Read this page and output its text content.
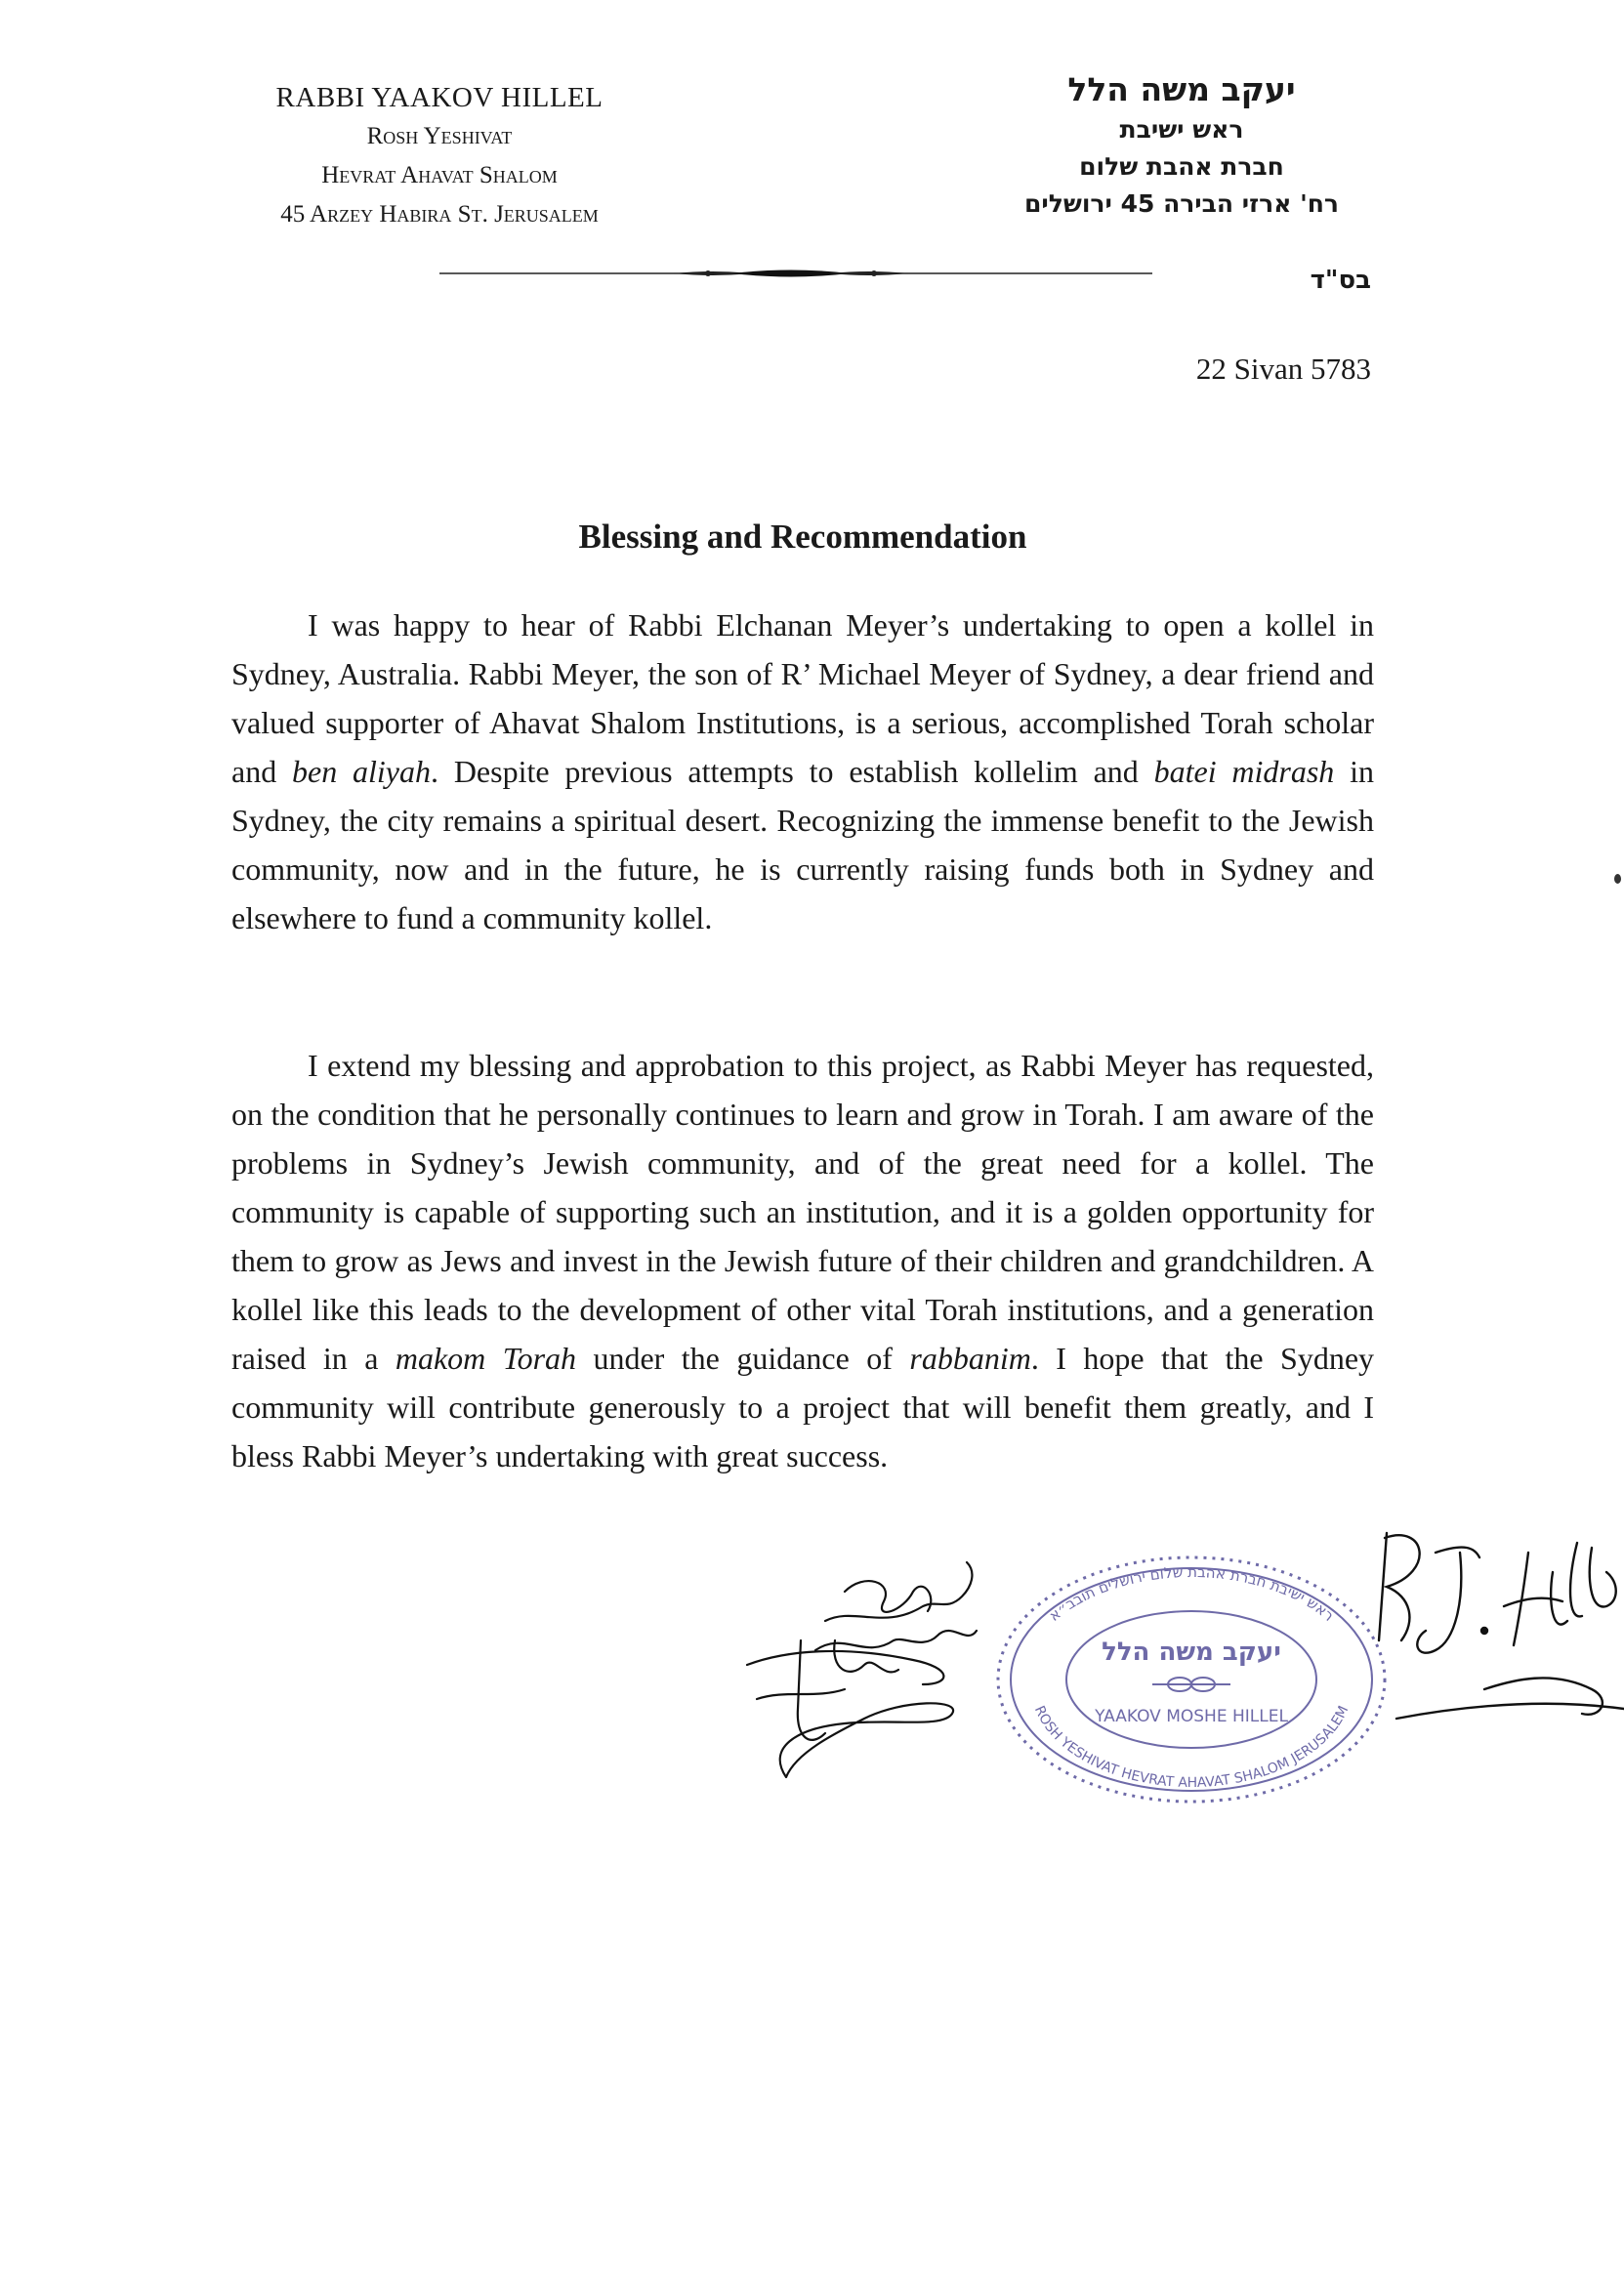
RABBI YAAKOV HILLEL
Rosh Yeshivat
Hevrat Ahavat Shalom
45 Arzey Habira St. Jerusalem
יעקב משה הלל
ראש ישיבת
חברת אהבת שלום
רח' ארזי הבירה 45 ירושלים
בס"ד
22 Sivan 5783
Blessing and Recommendation
I was happy to hear of Rabbi Elchanan Meyer’s undertaking to open a kollel in Sydney, Australia. Rabbi Meyer, the son of R’ Michael Meyer of Sydney, a dear friend and valued supporter of Ahavat Shalom Institutions, is a serious, accomplished Torah scholar and ben aliyah. Despite previous attempts to establish kollelim and batei midrash in Sydney, the city remains a spiritual desert. Recognizing the immense benefit to the Jewish community, now and in the future, he is currently raising funds both in Sydney and elsewhere to fund a community kollel.
I extend my blessing and approbation to this project, as Rabbi Meyer has requested, on the condition that he personally continues to learn and grow in Torah. I am aware of the problems in Sydney’s Jewish community, and of the great need for a kollel. The community is capable of supporting such an institution, and it is a golden opportunity for them to grow as Jews and invest in the Jewish future of their children and grandchildren. A kollel like this leads to the development of other vital Torah institutions, and a generation raised in a makom Torah under the guidance of rabbanim. I hope that the Sydney community will contribute generously to a project that will benefit them greatly, and I bless Rabbi Meyer’s undertaking with great success.
ראש ישיבת חברת אהבת שלום ירושלים תובב״א
ROSH YESHIVAT HEVRAT AHAVAT SHALOM JERUSALEM
יעקב משה הלל
YAAKOV MOSHE HILLEL
